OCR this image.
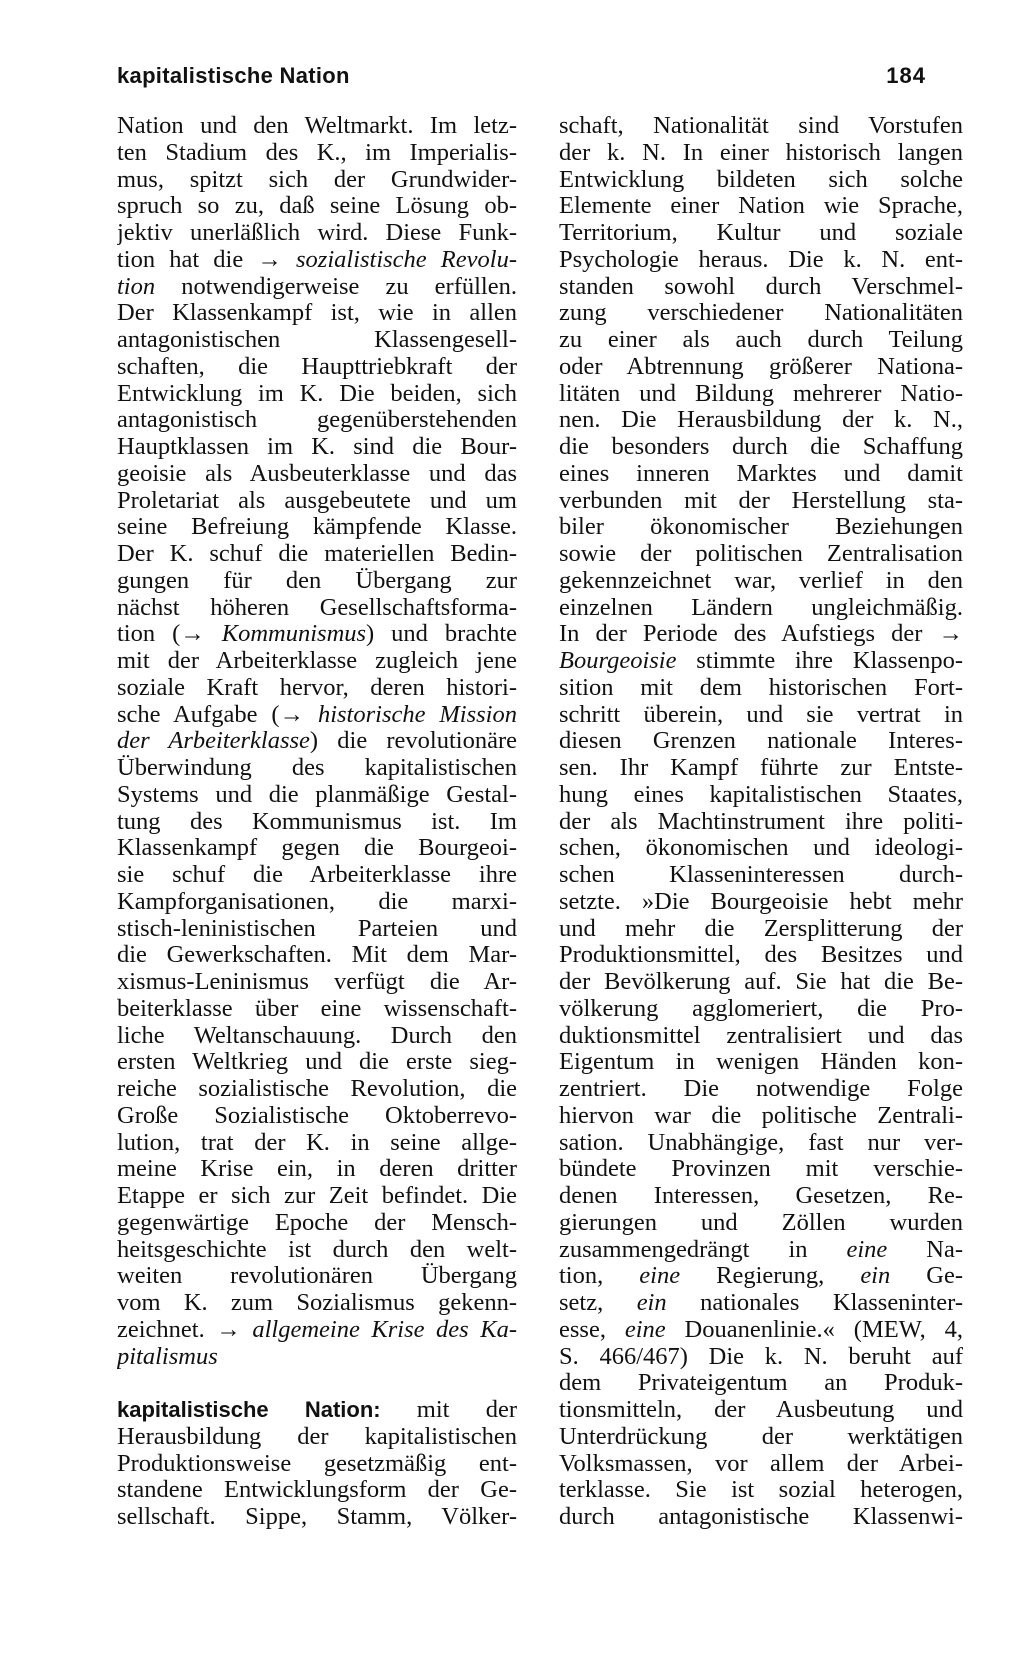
kapitalistische Nation	184
Nation und den Weltmarkt. Im letz-
ten Stadium des K., im Imperialis-
mus, spitzt sich der Grundwider-
spruch so zu, daß seine Lösung ob-
jektiv unerläßlich wird. Diese Funk-
tion hat die → sozialistische Revolu-
tion notwendigerweise zu erfüllen.
Der Klassenkampf ist, wie in allen
antagonistischen Klassengesell-
schaften, die Haupttriebkraft der
Entwicklung im K. Die beiden, sich
antagonistisch gegenüberstehenden
Hauptklassen im K. sind die Bour-
geoisie als Ausbeuterklasse und das
Proletariat als ausgebeutete und um
seine Befreiung kämpfende Klasse.
Der K. schuf die materiellen Bedin-
gungen für den Übergang zur
nächst höheren Gesellschaftsforma-
tion (→ Kommunismus) und brachte
mit der Arbeiterklasse zugleich jene
soziale Kraft hervor, deren histori-
sche Aufgabe (→ historische Mission
der Arbeiterklasse) die revolutionäre
Überwindung des kapitalistischen
Systems und die planmäßige Gestal-
tung des Kommunismus ist. Im
Klassenkampf gegen die Bourgeoi-
sie schuf die Arbeiterklasse ihre
Kampforganisationen, die marxi-
stisch-leninistischen Parteien und
die Gewerkschaften. Mit dem Mar-
xismus-Leninismus verfügt die Ar-
beiterklasse über eine wissenschaft-
liche Weltanschauung. Durch den
ersten Weltkrieg und die erste sieg-
reiche sozialistische Revolution, die
Große Sozialistische Oktoberrevo-
lution, trat der K. in seine allge-
meine Krise ein, in deren dritter
Etappe er sich zur Zeit befindet. Die
gegenwärtige Epoche der Mensch-
heitsgeschichte ist durch den welt-
weiten revolutionären Übergang
vom K. zum Sozialismus gekenn-
zeichnet. → allgemeine Krise des Ka-
pitalismus
kapitalistische Nation: mit der
Herausbildung der kapitalistischen
Produktionsweise gesetzmäßig ent-
standene Entwicklungsform der Ge-
sellschaft. Sippe, Stamm, Völker-
schaft, Nationalität sind Vorstufen
der k. N. In einer historisch langen
Entwicklung bildeten sich solche
Elemente einer Nation wie Sprache,
Territorium, Kultur und soziale
Psychologie heraus. Die k. N. ent-
standen sowohl durch Verschmel-
zung verschiedener Nationalitäten
zu einer als auch durch Teilung
oder Abtrennung größerer Nationa-
litäten und Bildung mehrerer Natio-
nen. Die Herausbildung der k. N.,
die besonders durch die Schaffung
eines inneren Marktes und damit
verbunden mit der Herstellung sta-
biler ökonomischer Beziehungen
sowie der politischen Zentralisation
gekennzeichnet war, verlief in den
einzelnen Ländern ungleichmäßig.
In der Periode des Aufstiegs der →
Bourgeoisie stimmte ihre Klassenpo-
sition mit dem historischen Fort-
schritt überein, und sie vertrat in
diesen Grenzen nationale Interes-
sen. Ihr Kampf führte zur Entste-
hung eines kapitalistischen Staates,
der als Machtinstrument ihre politi-
schen, ökonomischen und ideologi-
schen Klasseninteressen durch-
setzte. »Die Bourgeoisie hebt mehr
und mehr die Zersplitterung der
Produktionsmittel, des Besitzes und
der Bevölkerung auf. Sie hat die Be-
völkerung agglomeriert, die Pro-
duktionsmittel zentralisiert und das
Eigentum in wenigen Händen kon-
zentriert. Die notwendige Folge
hiervon war die politische Zentrali-
sation. Unabhängige, fast nur ver-
bündete Provinzen mit verschie-
denen Interessen, Gesetzen, Re-
gierungen und Zöllen wurden
zusammengedrängt in eine Na-
tion, eine Regierung, ein Ge-
setz, ein nationales Klasseninter-
esse, eine Douanenlinie.« (MEW, 4,
S. 466/467) Die k. N. beruht auf
dem Privateigentum an Produk-
tionsmitteln, der Ausbeutung und
Unterdrückung der werktätigen
Volksmassen, vor allem der Arbei-
terklasse. Sie ist sozial heterogen,
durch antagonistische Klassenwi-
